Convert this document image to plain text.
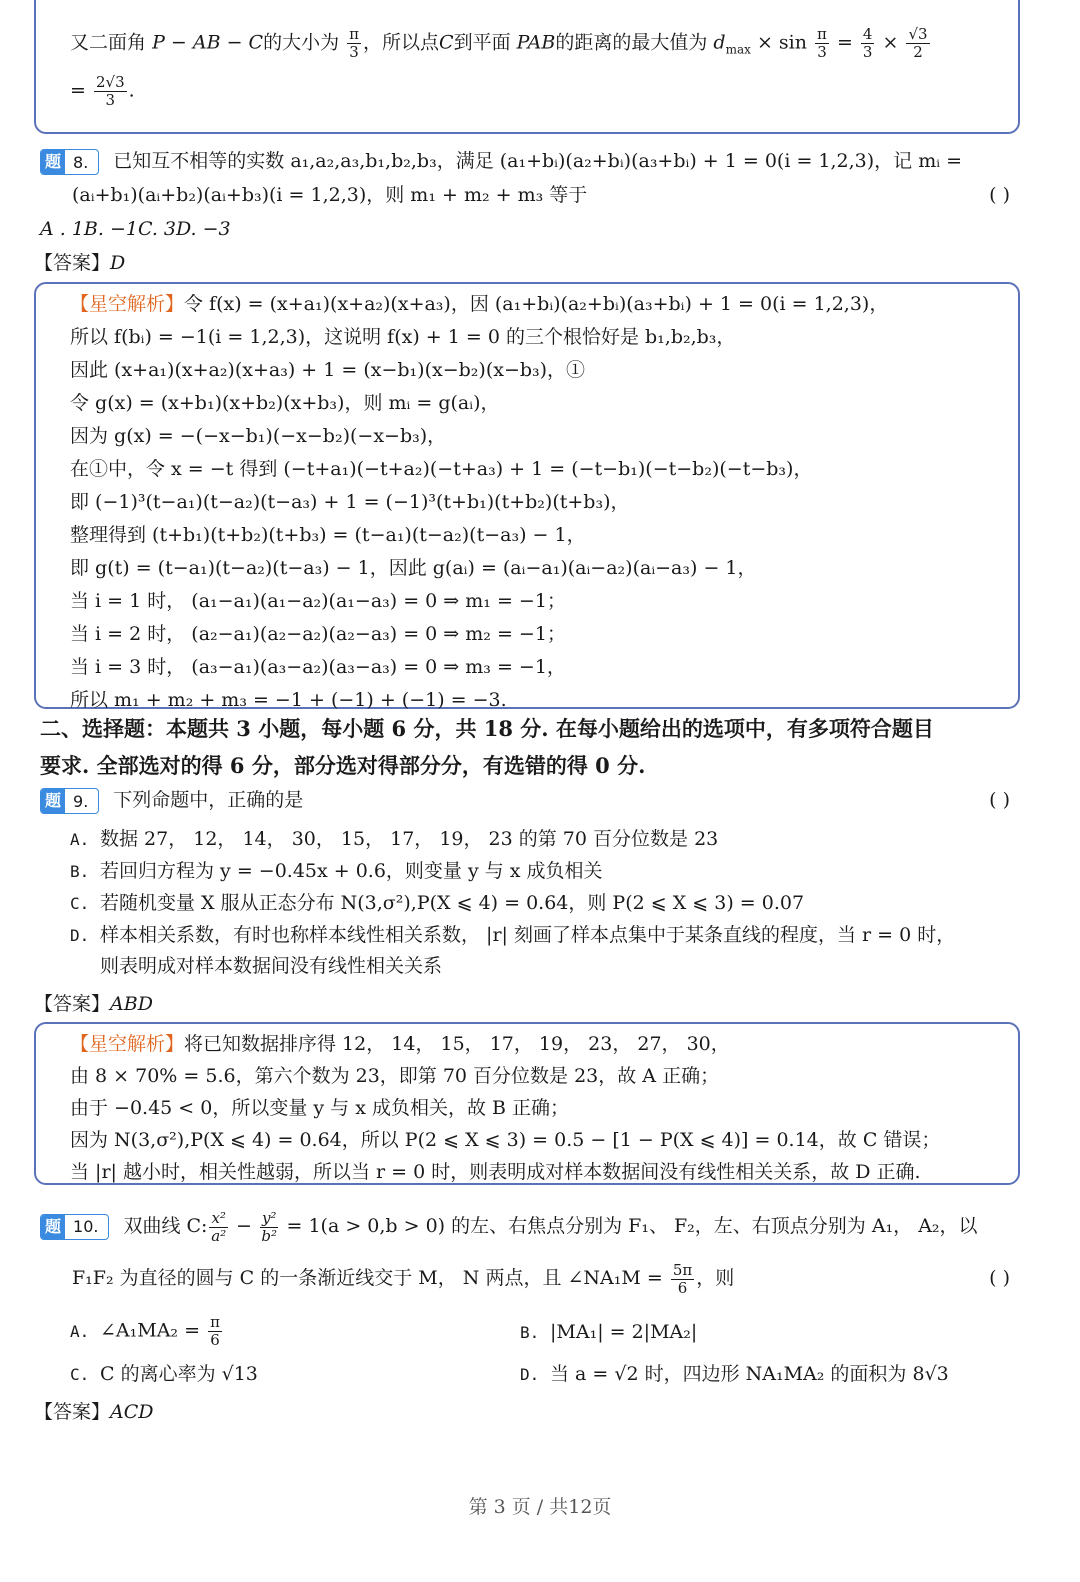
又二面角 P − AB − C的大小为 $\frac{\pi}{3}$ ，所以点C到平面 PAB的距离的最大值为 $d_{max} \times \sin \frac{\pi}{3} = \frac{4}{3} \times \frac{√3}{2}$
= $\frac{2√3}{3}$ .
题 8.	已知互不相等的实数 a₁,a₂,a₃,b₁,b₂,b₃，满足 (a₁+bᵢ)(a₂+bᵢ)(a₃+bᵢ) + 1 = 0(i = 1,2,3)，记 mᵢ =
(aᵢ+b₁)(aᵢ+b₂)(aᵢ+b₃)(i = 1,2,3)，则 m₁ + m₂ + m₃ 等于	( )
A . 1B. −1C. 3D. −3
【答案】D
【星空解析】令 f(x) = (x+a₁)(x+a₂)(x+a₃)，因 (a₁+bᵢ)(a₂+bᵢ)(a₃+bᵢ) + 1 = 0(i = 1,2,3)，
所以 f(bᵢ) = −1(i = 1,2,3)，这说明 f(x) + 1 = 0 的三个根恰好是 b₁,b₂,b₃，
因此 (x+a₁)(x+a₂)(x+a₃) + 1 = (x−b₁)(x−b₂)(x−b₃)，①
令 g(x) = (x+b₁)(x+b₂)(x+b₃)，则 mᵢ = g(aᵢ)，
因为 g(x) = −(−x−b₁)(−x−b₂)(−x−b₃)，
在①中，令 x = −t 得到 (−t+a₁)(−t+a₂)(−t+a₃) + 1 = (−t−b₁)(−t−b₂)(−t−b₃)，
即 (−1)³(t−a₁)(t−a₂)(t−a₃) + 1 = (−1)³(t+b₁)(t+b₂)(t+b₃)，
整理得到 (t+b₁)(t+b₂)(t+b₃) = (t−a₁)(t−a₂)(t−a₃) − 1，
即 g(t) = (t−a₁)(t−a₂)(t−a₃) − 1，因此 g(aᵢ) = (aᵢ−a₁)(aᵢ−a₂)(aᵢ−a₃) − 1，
当 i = 1 时， (a₁−a₁)(a₁−a₂)(a₁−a₃) = 0 ⇒ m₁ = −1；
当 i = 2 时， (a₂−a₁)(a₂−a₂)(a₂−a₃) = 0 ⇒ m₂ = −1；
当 i = 3 时， (a₃−a₁)(a₃−a₂)(a₃−a₃) = 0 ⇒ m₃ = −1，
所以 m₁ + m₂ + m₃ = −1 + (−1) + (−1) = −3.
二、选择题：本题共 3 小题，每小题 6 分，共 18 分. 在每小题给出的选项中，有多项符合题目
要求. 全部选对的得 6 分，部分选对得部分分，有选错的得 0 分.
题 9.	下列命题中，正确的是	( )
A. 数据 27， 12， 14， 30， 15， 17， 19， 23 的第 70 百分位数是 23
B. 若回归方程为 y = −0.45x + 0.6，则变量 y 与 x 成负相关
C. 若随机变量 X 服从正态分布 N(3,σ²),P(X ⩽ 4) = 0.64，则 P(2 ⩽ X ⩽ 3) = 0.07
D. 样本相关系数，有时也称样本线性相关系数， |r| 刻画了样本点集中于某条直线的程度，当 r = 0 时，
则表明成对样本数据间没有线性相关关系
【答案】ABD
【星空解析】将已知数据排序得 12， 14， 15， 17， 19， 23， 27， 30，
由 8 × 70% = 5.6，第六个数为 23，即第 70 百分位数是 23，故 A 正确；
由于 −0.45 < 0，所以变量 y 与 x 成负相关，故 B 正确；
因为 N(3,σ²),P(X ⩽ 4) = 0.64，所以 P(2 ⩽ X ⩽ 3) = 0.5 − [1 − P(X ⩽ 4)] = 0.14，故 C 错误；
当 |r| 越小时，相关性越弱，所以当 r = 0 时，则表明成对样本数据间没有线性相关关系，故 D 正确.
题 10.	双曲线 C: $\frac{\text{x²}}{\text{a²}} - \frac{\text{y²}}{\text{b²}} = 1(a > 0,b > 0)$ 的左、右焦点分别为 F₁、 F₂，左、右顶点分别为 A₁， A₂，以
F₁F₂ 为直径的圆与 C 的一条渐近线交于 M， N 两点，且 ∠NA₁M = $\frac{5\pi}{6}$ ，则	( )
A. ∠A₁MA₂ = $\frac{\pi}{6}$	B. |MA₁| = 2|MA₂|
C. C 的离心率为 √13	D. 当 a = √2 时，四边形 NA₁MA₂ 的面积为 8√3
【答案】ACD
第 3 页 / 共12页
